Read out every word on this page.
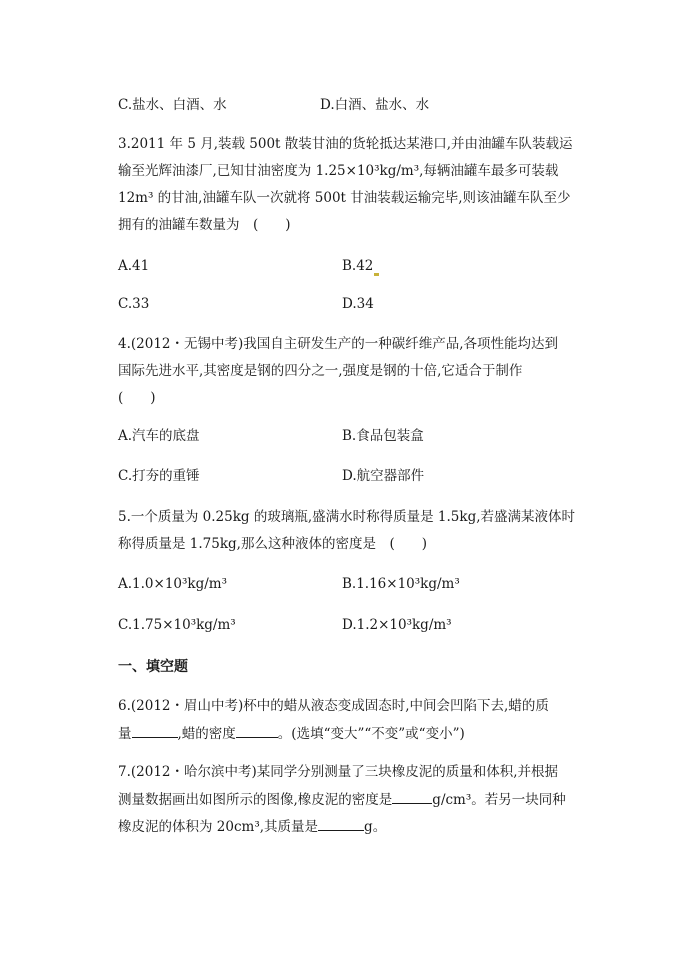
C.盐水、白酒、水	D.白酒、盐水、水
3.2011 年 5 月,装载 500t 散装甘油的货轮抵达某港口,并由油罐车队装载运
输至光辉油漆厂,已知甘油密度为 1.25×10³kg/m³,每辆油罐车最多可装载
12m³ 的甘油,油罐车队一次就将 500t 甘油装载运输完毕,则该油罐车队至少
拥有的油罐车数量为　(　　)
A.41	B.42
C.33	D.34
4.(2012・无锡中考)我国自主研发生产的一种碳纤维产品,各项性能均达到
国际先进水平,其密度是钢的四分之一,强度是钢的十倍,它适合于制作
(　　)
A.汽车的底盘	B.食品包装盒
C.打夯的重锤	D.航空器部件
5.一个质量为 0.25kg 的玻璃瓶,盛满水时称得质量是 1.5kg,若盛满某液体时
称得质量是 1.75kg,那么这种液体的密度是　(　　)
A.1.0×10³kg/m³	B.1.16×10³kg/m³
C.1.75×10³kg/m³	D.1.2×10³kg/m³
一、填空题
6.(2012・眉山中考)杯中的蜡从液态变成固态时,中间会凹陷下去,蜡的质
量	,蜡的密度	。(选填“变大”“不变”或“变小”)
7.(2012・哈尔滨中考)某同学分别测量了三块橡皮泥的质量和体积,并根据
测量数据画出如图所示的图像,橡皮泥的密度是	g/cm³。若另一块同种
橡皮泥的体积为 20cm³,其质量是	g。
